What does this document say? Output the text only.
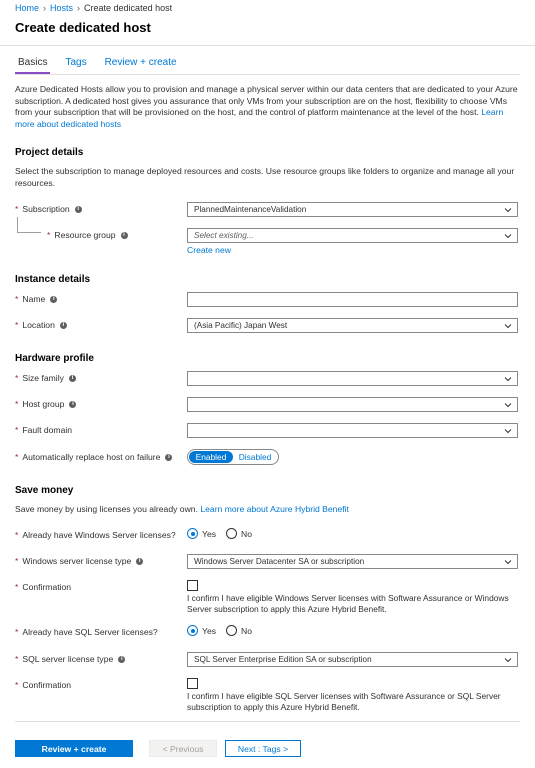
Home › Hosts › Create dedicated host
Create dedicated host
Basics	Tags	Review + create
Azure Dedicated Hosts allow you to provision and manage a physical server within our data centers that are dedicated to your Azure subscription. A dedicated host gives you assurance that only VMs from your subscription are on the host, flexibility to choose VMs from your subscription that will be provisioned on the host, and the control of platform maintenance at the level of the host. Learn more about dedicated hosts
Project details
Select the subscription to manage deployed resources and costs. Use resource groups like folders to organize and manage all your resources.
* Subscription	i	PlannedMaintenanceValidation
* Resource group	i	Select existing...
Create new
Instance details
* Name	i
* Location	i	(Asia Pacific) Japan West
Hardware profile
* Size family	i
* Host group	i
* Fault domain
* Automatically replace host on failure	i	Enabled	Disabled
Save money
Save money by using licenses you already own. Learn more about Azure Hybrid Benefit
* Already have Windows Server licenses?	Yes	No
* Windows server license type	i	Windows Server Datacenter SA or subscription
* Confirmation
I confirm I have eligible Windows Server licenses with Software Assurance or Windows Server subscription to apply this Azure Hybrid Benefit.
* Already have SQL Server licenses?	Yes	No
* SQL server license type	i	SQL Server Enterprise Edition SA or subscription
* Confirmation
I confirm I have eligible SQL Server licenses with Software Assurance or SQL Server subscription to apply this Azure Hybrid Benefit.
Review + create	< Previous	Next : Tags >
